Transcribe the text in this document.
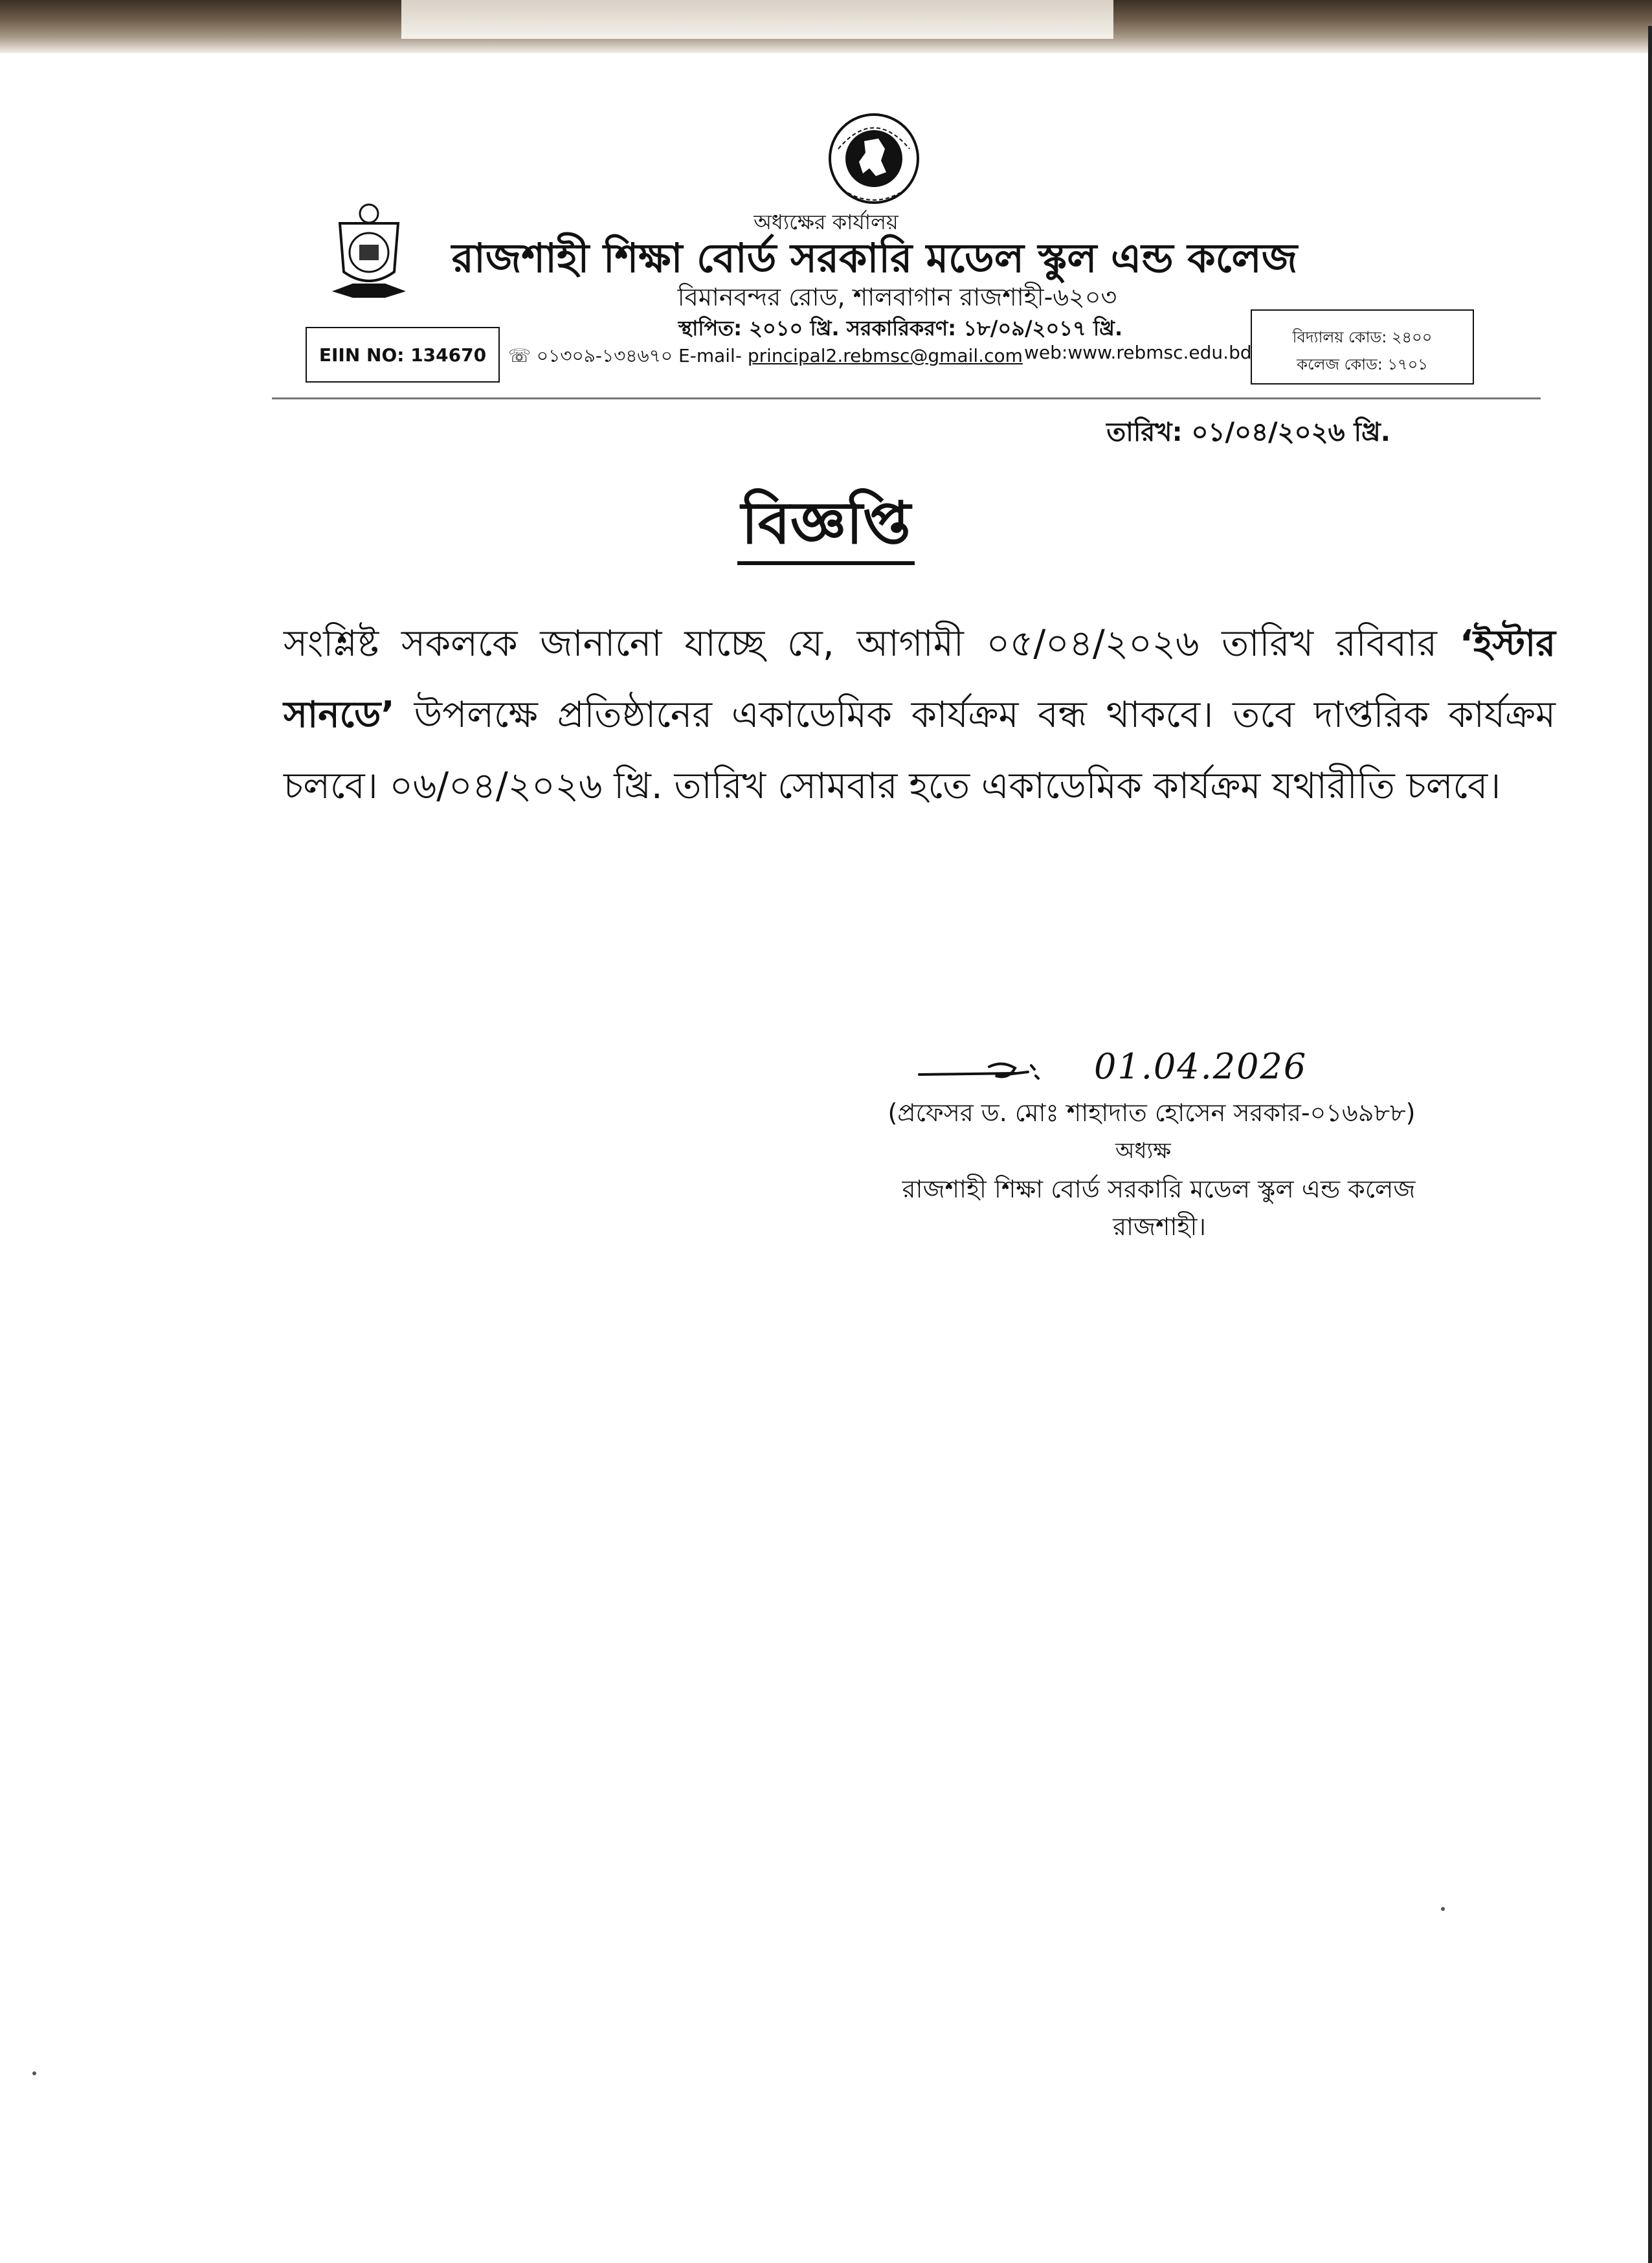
অধ্যক্ষের কার্যালয়
রাজশাহী শিক্ষা বোর্ড সরকারি মডেল স্কুল এন্ড কলেজ
বিমানবন্দর রোড, শালবাগান রাজশাহী-৬২০৩
স্থাপিত: ২০১০ খ্রি. সরকারিকরণ: ১৮/০৯/২০১৭ খ্রি.
EIIN NO: 134670 ☏ ০১৩০৯-১৩৪৬৭০ E-mail- principal2.rebmsc@gmail.com web:www.rebmsc.edu.bd
বিদ্যালয় কোড: ২৪০০
কলেজ কোড: ১৭০১
তারিখ: ০১/০৪/২০২৬ খ্রি.
বিজ্ঞপ্তি
সংশ্লিষ্ট সকলকে জানানো যাচ্ছে যে, আগামী ০৫/০৪/২০২৬ তারিখ রবিবার ‘ইস্টার সানডে’ উপলক্ষে প্রতিষ্ঠানের একাডেমিক কার্যক্রম বন্ধ থাকবে। তবে দাপ্তরিক কার্যক্রম চলবে। ০৬/০৪/২০২৬ খ্রি. তারিখ সোমবার হতে একাডেমিক কার্যক্রম যথারীতি চলবে।
01.04.2026
(প্রফেসর ড. মোঃ শাহাদাত হোসেন সরকার-০১৬৯৮৮)
অধ্যক্ষ
রাজশাহী শিক্ষা বোর্ড সরকারি মডেল স্কুল এন্ড কলেজ
রাজশাহী।
